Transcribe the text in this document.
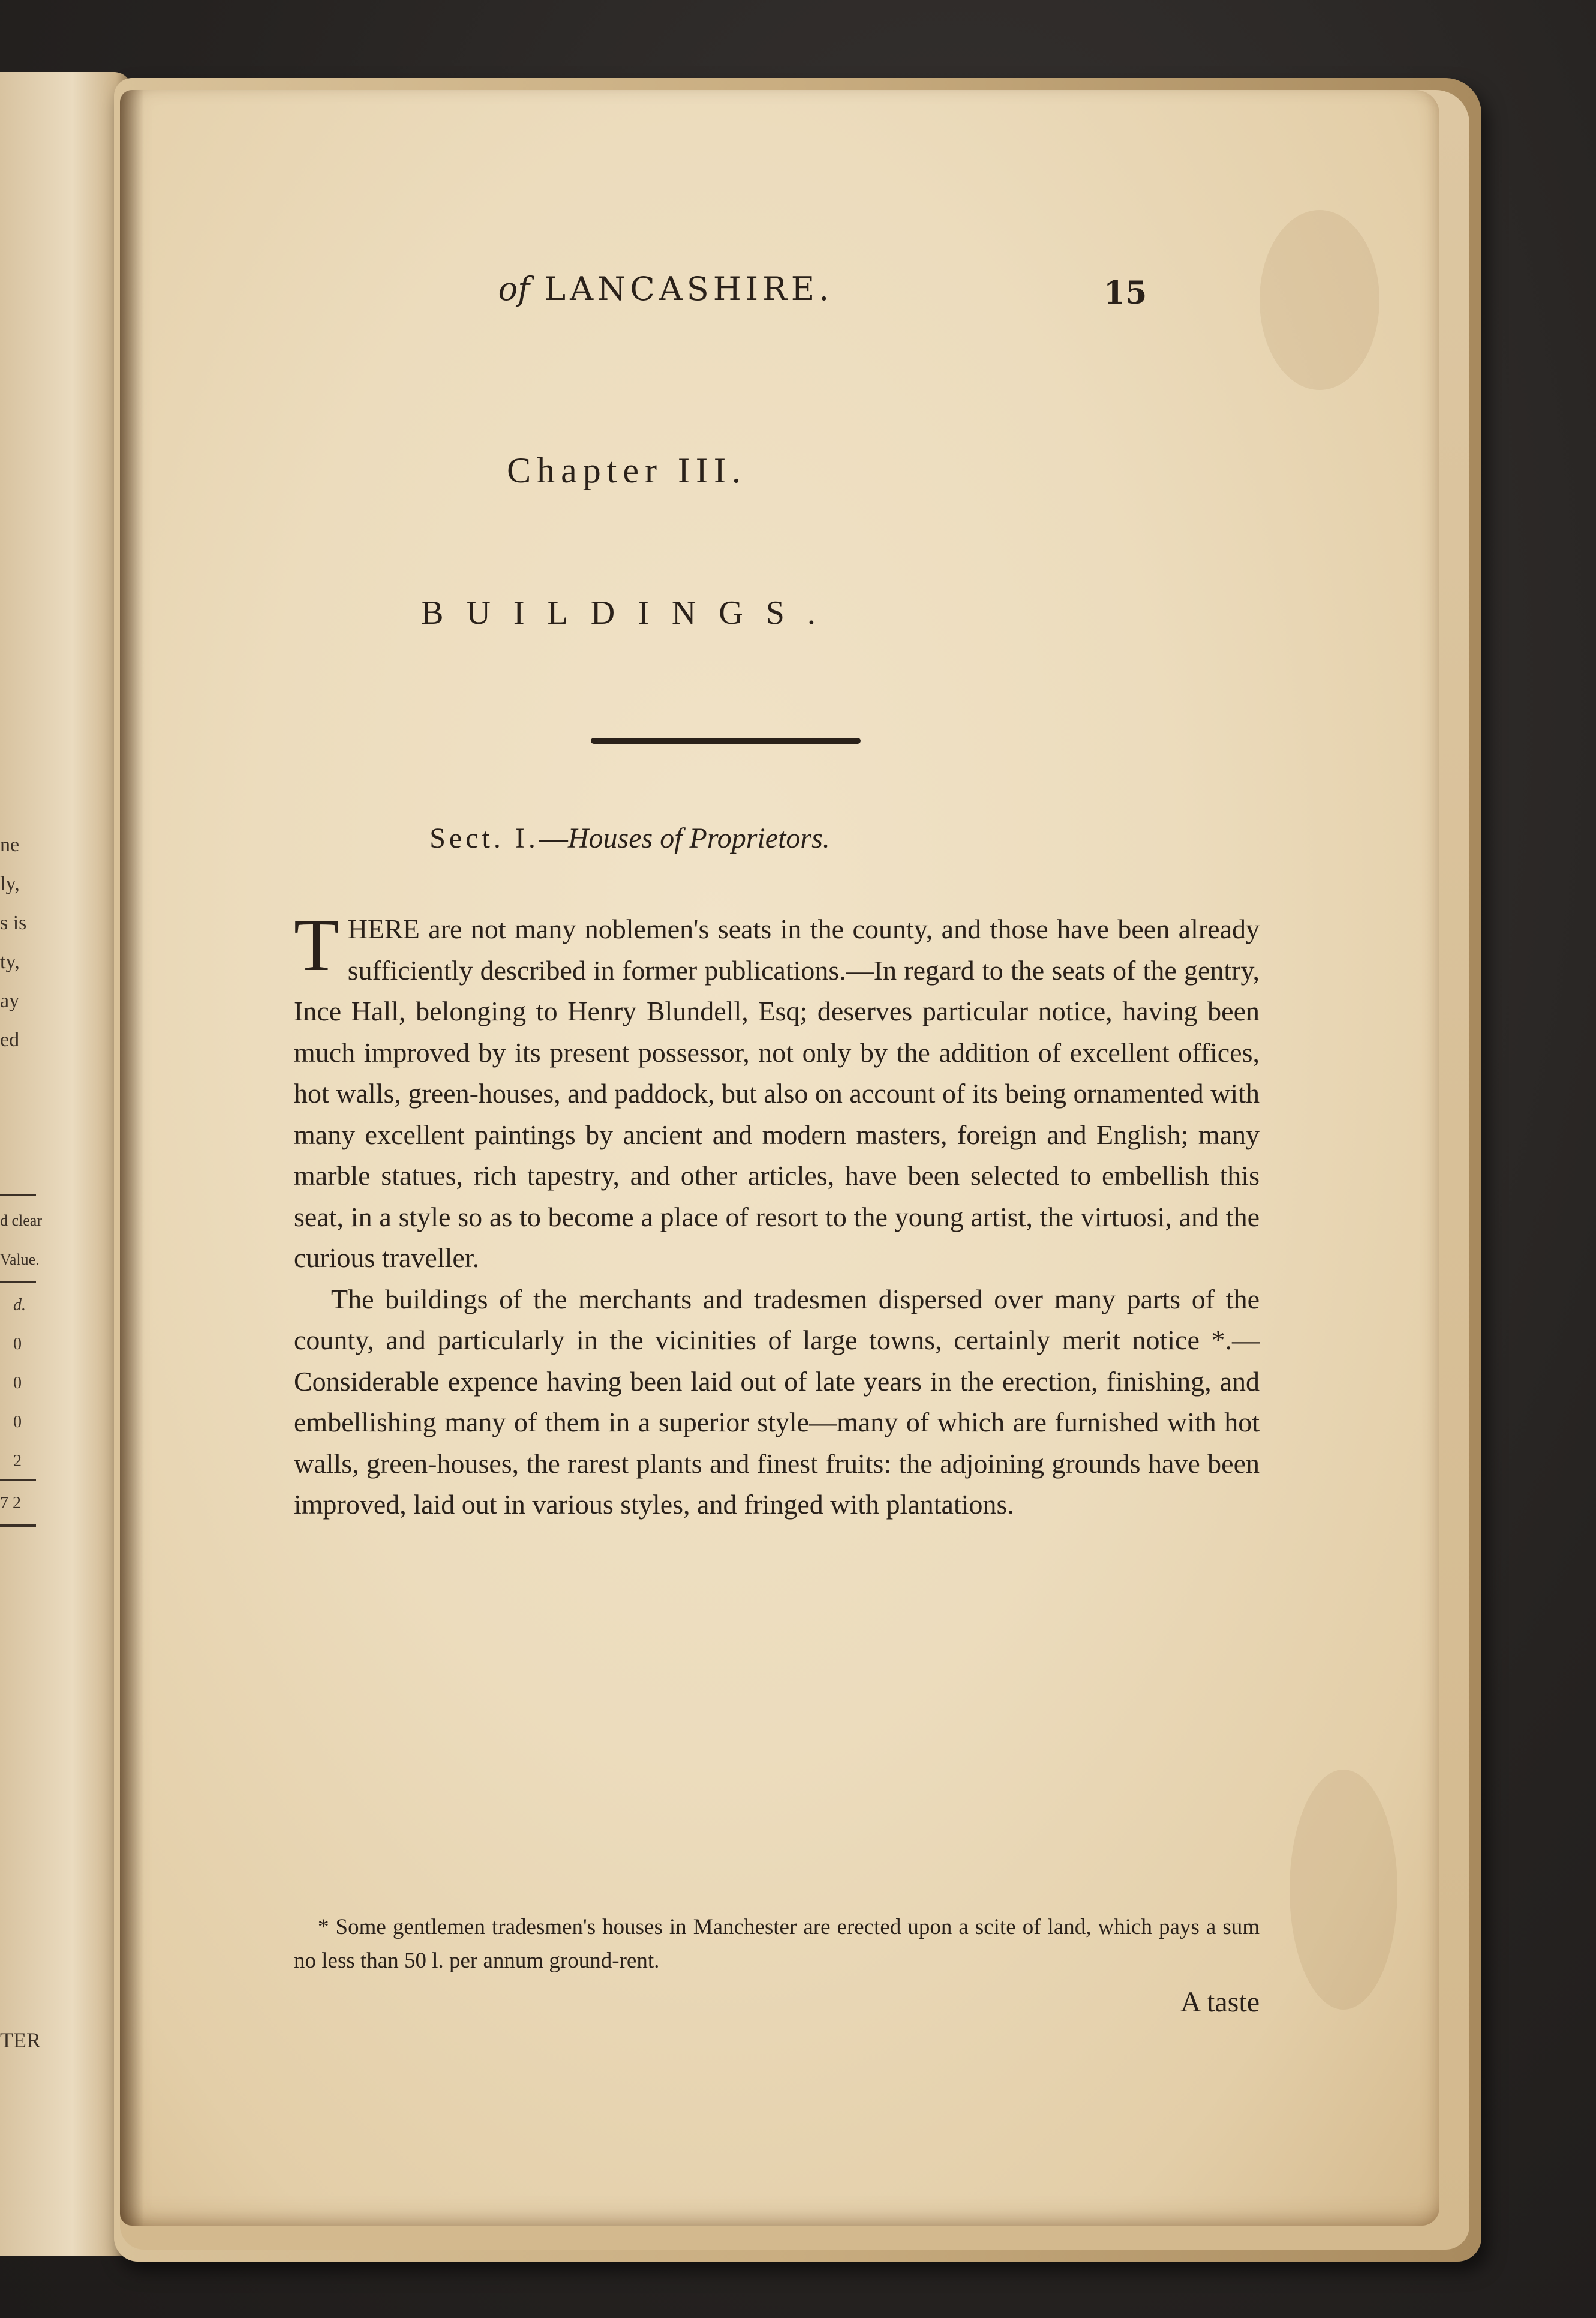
ne
ly,
s is
ty,
ay
ed
d clear
Value.
d.
0
0
0
2
7 2
TER
of LANCASHIRE.	15
Chapter III.
BUILDINGS.
Sect. I.—Houses of Proprietors.

THERE are not many noblemen's seats in the county, and those have been already sufficiently described in former publications.—In regard to the seats of the gentry, Ince Hall, belonging to Henry Blundell, Esq; deserves particular notice, having been much improved by its present possessor, not only by the addition of excellent offices, hot walls, green-houses, and paddock, but also on account of its being ornamented with many excellent paintings by ancient and modern masters, foreign and English; many marble statues, rich tapestry, and other articles, have been selected to embellish this seat, in a style so as to become a place of resort to the young artist, the virtuosi, and the curious traveller.

The buildings of the merchants and tradesmen dispersed over many parts of the county, and particularly in the vicinities of large towns, certainly merit notice *.—Considerable expence having been laid out of late years in the erection, finishing, and embellishing many of them in a superior style—many of which are furnished with hot walls, green-houses, the rarest plants and finest fruits: the adjoining grounds have been improved, laid out in various styles, and fringed with plantations.

* Some gentlemen tradesmen's houses in Manchester are erected upon a scite of land, which pays a sum no less than 50 l. per annum ground-rent.
A taste
